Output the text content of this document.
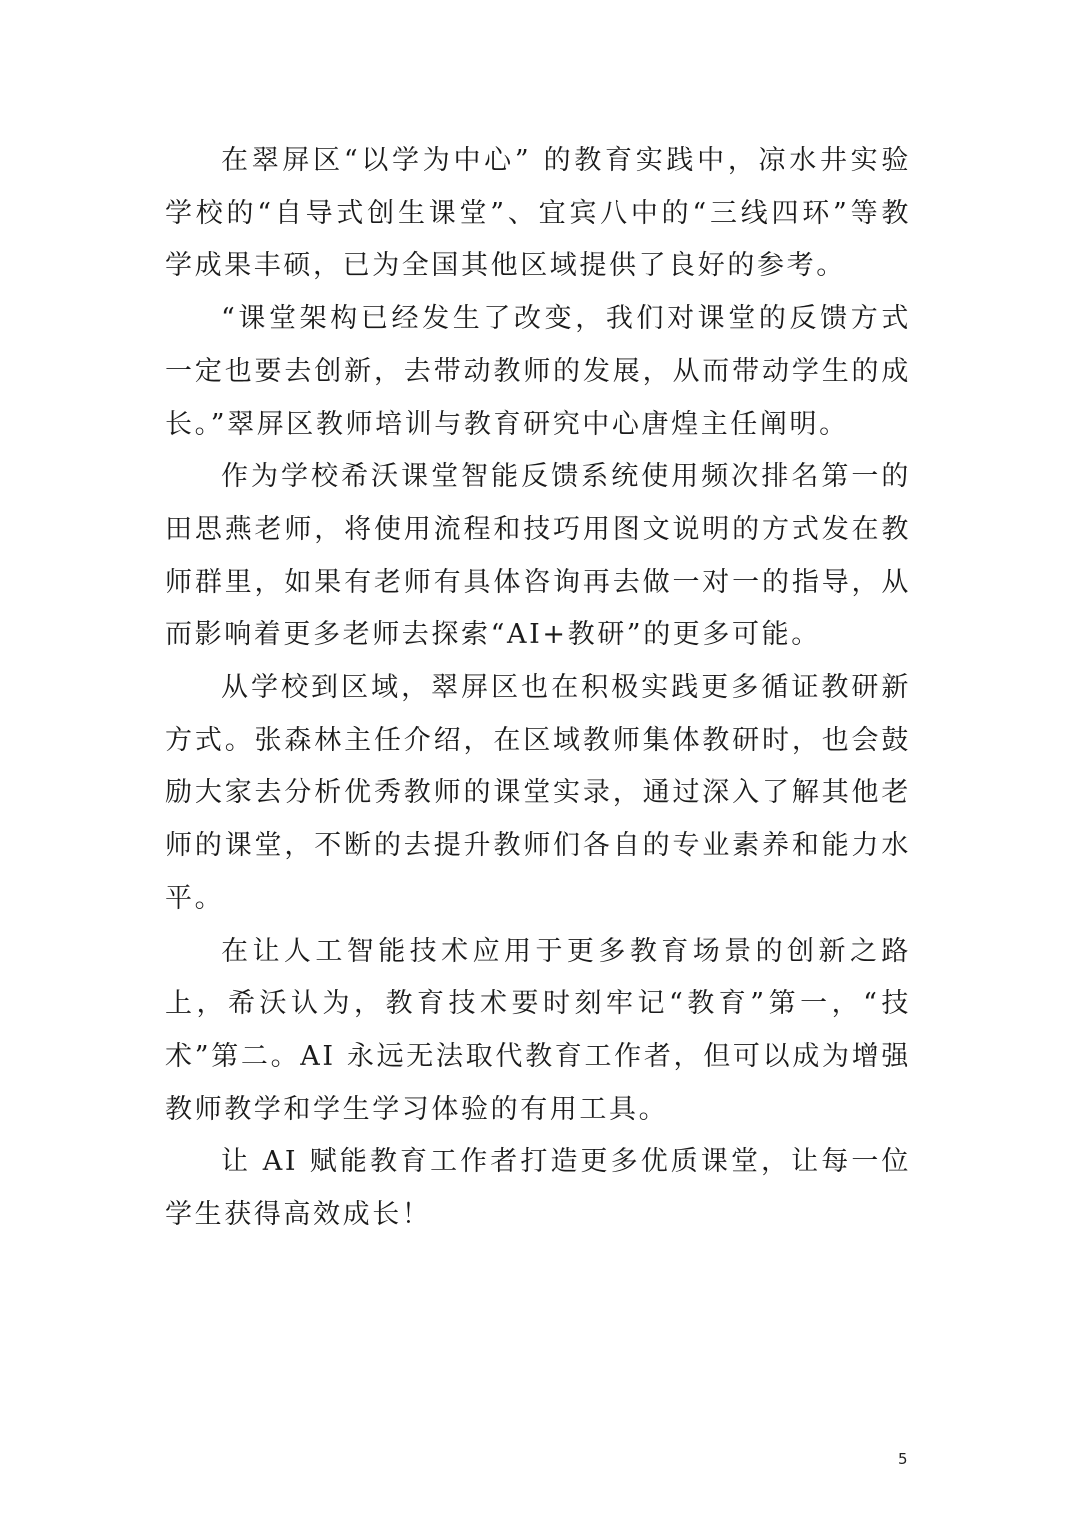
在翠屏区“以学为中心” 的教育实践中，凉水井实验学校的“自导式创生课堂”、宜宾八中的“三线四环”等教学成果丰硕，已为全国其他区域提供了良好的参考。

“课堂架构已经发生了改变，我们对课堂的反馈方式一定也要去创新，去带动教师的发展，从而带动学生的成长。”翠屏区教师培训与教育研究中心唐煌主任阐明。

作为学校希沃课堂智能反馈系统使用频次排名第一的田思燕老师，将使用流程和技巧用图文说明的方式发在教师群里，如果有老师有具体咨询再去做一对一的指导，从而影响着更多老师去探索“AI+教研”的更多可能。

从学校到区域，翠屏区也在积极实践更多循证教研新方式。张森林主任介绍，在区域教师集体教研时，也会鼓励大家去分析优秀教师的课堂实录，通过深入了解其他老师的课堂，不断的去提升教师们各自的专业素养和能力水平。

在让人工智能技术应用于更多教育场景的创新之路上，希沃认为，教育技术要时刻牢记“教育”第一，“技术”第二。AI 永远无法取代教育工作者，但可以成为增强教师教学和学生学习体验的有用工具。

让 AI 赋能教育工作者打造更多优质课堂，让每一位学生获得高效成长！

5
